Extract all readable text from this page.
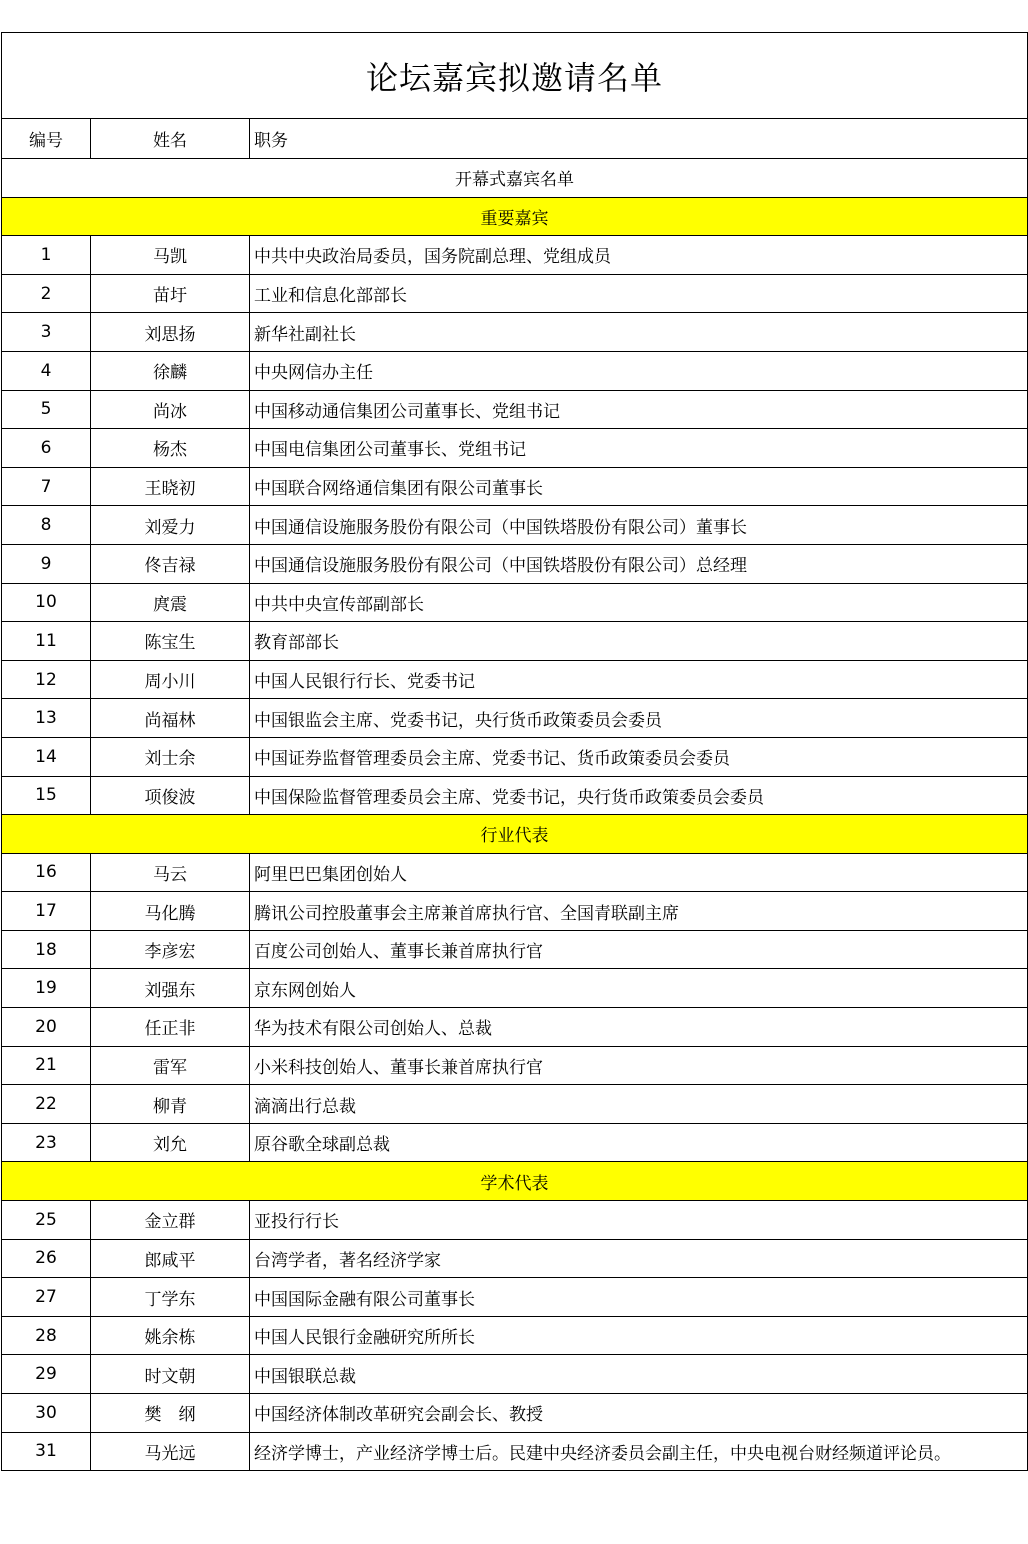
论坛嘉宾拟邀请名单		
编号	姓名	职务
开幕式嘉宾名单		
重要嘉宾		
1	马凯	中共中央政治局委员，国务院副总理、党组成员
2	苗圩	工业和信息化部部长
3	刘思扬	新华社副社长
4	徐麟	中央网信办主任
5	尚冰	中国移动通信集团公司董事长、党组书记
6	杨杰	中国电信集团公司董事长、党组书记
7	王晓初	中国联合网络通信集团有限公司董事长
8	刘爱力	中国通信设施服务股份有限公司（中国铁塔股份有限公司）董事长
9	佟吉禄	中国通信设施服务股份有限公司（中国铁塔股份有限公司）总经理
10	庹震	中共中央宣传部副部长
11	陈宝生	教育部部长
12	周小川	中国人民银行行长、党委书记
13	尚福林	中国银监会主席、党委书记，央行货币政策委员会委员
14	刘士余	中国证券监督管理委员会主席、党委书记、货币政策委员会委员
15	项俊波	中国保险监督管理委员会主席、党委书记，央行货币政策委员会委员
行业代表		
16	马云	阿里巴巴集团创始人
17	马化腾	腾讯公司控股董事会主席兼首席执行官、全国青联副主席
18	李彦宏	百度公司创始人、董事长兼首席执行官
19	刘强东	京东网创始人
20	任正非	华为技术有限公司创始人、总裁
21	雷军	小米科技创始人、董事长兼首席执行官
22	柳青	滴滴出行总裁
23	刘允	原谷歌全球副总裁
学术代表		
25	金立群	亚投行行长
26	郎咸平	台湾学者，著名经济学家
27	丁学东	中国国际金融有限公司董事长
28	姚余栋	中国人民银行金融研究所所长
29	时文朝	中国银联总裁
30	樊　纲	中国经济体制改革研究会副会长、教授
31	马光远	经济学博士，产业经济学博士后。民建中央经济委员会副主任，中央电视台财经频道评论员。
